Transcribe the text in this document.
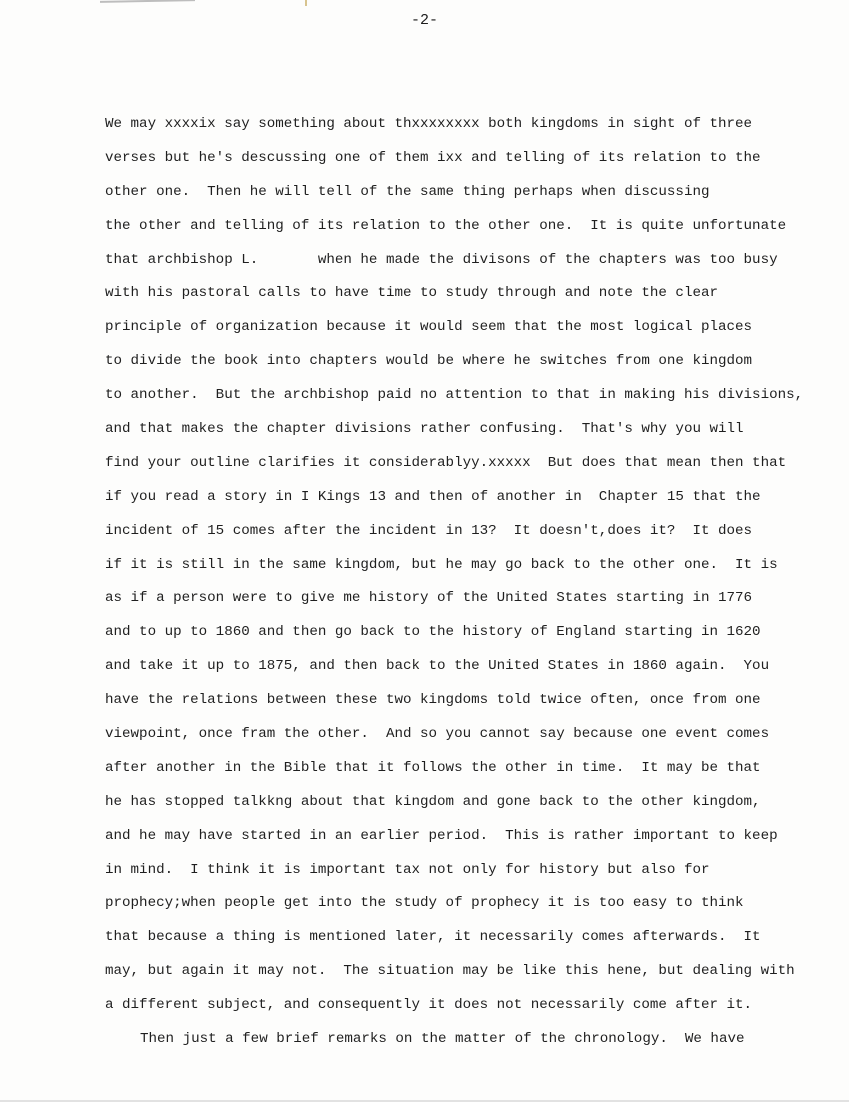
-2-
We may xxxxix say something about thxxxxxxxx both kingdoms in sight of three
verses but he's descussing one of them ixx and telling of its relation to the
other one.  Then he will tell of the same thing perhaps when discussing
the other and telling of its relation to the other one.  It is quite unfortunate
that archbishop L.       when he made the divisons of the chapters was too busy
with his pastoral calls to have time to study through and note the clear
principle of organization because it would seem that the most logical places
to divide the book into chapters would be where he switches from one kingdom
to another.  But the archbishop paid no attention to that in making his divisions,
and that makes the chapter divisions rather confusing.  That's why you will
find your outline clarifies it considerablyy.xxxxx  But does that mean then that
if you read a story in I Kings 13 and then of another in  Chapter 15 that the
incident of 15 comes after the incident in 13?  It doesn't,does it?  It does
if it is still in the same kingdom, but he may go back to the other one.  It is
as if a person were to give me history of the United States starting in 1776
and to up to 1860 and then go back to the history of England starting in 1620
and take it up to 1875, and then back to the United States in 1860 again.  You
have the relations between these two kingdoms told twice often, once from one
viewpoint, once fram the other.  And so you cannot say because one event comes
after another in the Bible that it follows the other in time.  It may be that
he has stopped talkkng about that kingdom and gone back to the other kingdom,
and he may have started in an earlier period.  This is rather important to keep
in mind.  I think it is important tax not only for history but also for
prophecy;when people get into the study of prophecy it is too easy to think
that because a thing is mentioned later, it necessarily comes afterwards.  It
may, but again it may not.  The situation may be like this hene, but dealing with
a different subject, and consequently it does not necessarily come after it.
Then just a few brief remarks on the matter of the chronology.  We have
